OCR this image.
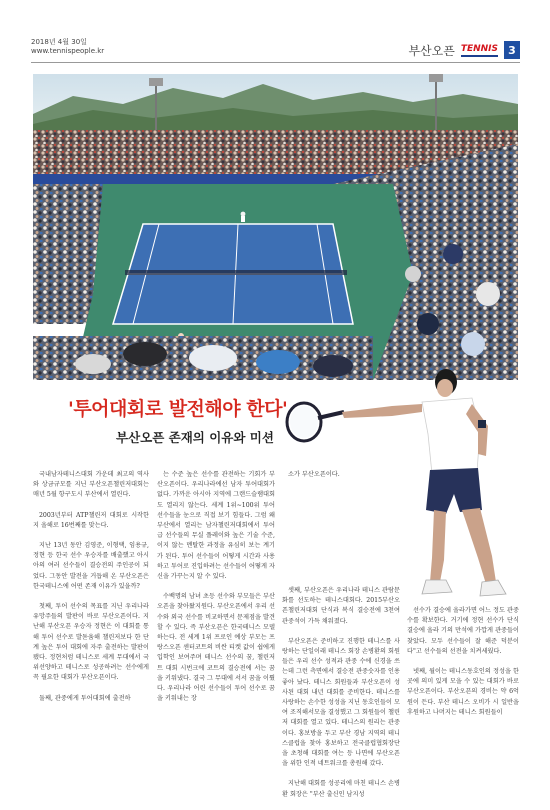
2018년 4월 30일
www.tennispeople.kr	부산오픈 TENNIS 3
'투어대회로 발전해야 한다'
부산오픈 존재의 이유와 미션

국내남자테니스대회 가운데 최고의 역사와 상금규모를 지닌 부산오픈챌린저대회는 매년 5월 항구도시 부산에서 열린다.

2003년부터 ATP챌린저 대회로 시작한 지 올해로 16번째를 맞는다.

지난 13년 동안 김영준, 이형택, 임용규, 정현 등 한국 선수 우승자를 배출했고 아시아의 여러 선수들이 결승전의 주인공이 되었다. 그동안 발전을 거듭해 온 부산오픈은 한국테니스에 어떤 존재 이유가 있을까?

첫째, 투어 선수의 목표를 지닌 우리나라 유망주들의 발판이 바로 부산오픈이다. 지난해 부산오픈 우승자 정현은 이 대회를 통해 투어 선수로 발돋움해 챌린저보다 한 단계 높은 투어 대회에 자주 출전하는 발판이 됐다. 정현처럼 테니스로 세계 무대에서 국위선양하고 테니스로 성공하려는 선수에게 꼭 필요한 대회가 부산오픈이다.

둘째, 관중에게 투어대회에 출전하

는 수준 높은 선수를 관전하는 기회가 부산오픈이다. 우리나라에선 남자 투어대회가 없다. 가까운 아시아 지역에 그랜드슬램대회도 열리지 않는다. 세계 1위~100위 투어 선수들을 눈으로 직접 보기 힘들다. 그럼 왜 부산에서 열리는 남자챌린저대회에서 투어급 선수들의 무실 플레이와 높은 기술 수준, 이지 않는 멘탈한 과정을 유심히 보는 계기가 된다. 투어 선수들이 어떻게 시간과 사용하고 투어로 진입하려는 선수들이 어떻게 자신을 가꾸는지 알 수 있다.

수백명의 남녀 초등 선수와 부모들은 부산오픈을 찾아왔지원다. 부산오픈에서 우리 선수와 외국 선수를 비교하면서 문제점을 발견할 수 있다. 즉 부산오픈은 한국테니스 모델하는다. 전 세계 1위 프로인 예상 부모는 프랑스오픈 센터코트의 비싼 티켓 값이 쉽에게 입학인 보여주며 테니스 선수의 꿈, 챌린저트 대회 시번크에 코트의 결승전에 서는 꿈을 키워냈다. 결국 그 무대에 서서 꿈을 이뤘다. 우리나라 어린 선수들이 투어 선수로 꿈을 키워내는 장

소가 부산오픈이다.

셋째, 부산오픈은 우리나라 테니스 관람문화를 선도하는 테니스대회다. 2015부산오픈챌린저대회 단식과 복식 결승전에 3천여 관중석이 가득 채워졌다.

부산오픈은 준비하고 진행한 테니스를 사랑하는 단일이래 테니스 회장 손병환의 회원들은 우리 선수 성적과 관중 수에 신경을 쓰는데 그런 측면에서 결승전 관중숫자를 인용 좋아 났다. 테니스 회원들과 부산오픈이 성사된 대회 내년 대회를 준비한다. 테니스를 사랑하는 손수한 성성을 지닌 동호인들이 모여 조직해서모을 결성했고 그 회원들이 챌린저 대회를 열고 있다. 테니스의 원리는 관중이다. 홍보방을 두고 부산 경남 지역의 테니스클럽을 찾아 홍보하고 전국클럽협회장단을 초청해 대회를 여는 등 나면에 부산오픈을 위한 인적 네트워크를 총원해 갔다.

지난해 대회를 성공리에 마친 테니스 손병환 회장은 "부산 출신인 남지성

선수가 결승에 올라가면 어느 정도 관중 수를 확보한다. 거기에 정현 선수가 단식 결승에 올라 기의 만석에 가깝게 관중들이 찾았다. 모두 선수들이 잘 해준 덕분이다"고 선수들의 선전을 치켜세웠다.

넷째, 월이는 테니스동호인의 정성을 한곳에 의미 있게 모을 수 있는 대회가 바로 부산오픈이다. 부산오픈의 경비는 약 6억원이 든다. 부산 테니스 오비가 시 일반을 후원하고 나머지는 테니스 회원들이
